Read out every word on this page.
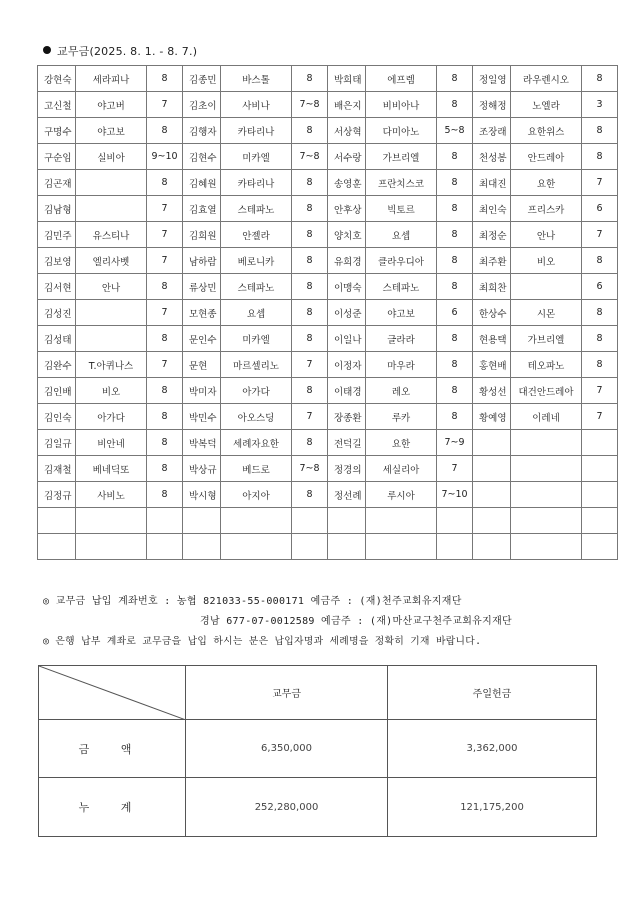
교무금(2025. 8. 1. - 8. 7.)
강현숙	세라피나	8	김종민	바스톨	8	박희태	에프렘	8	정일영	라우렌시오	8
고신철	야고버	7	김초이	사비나	7~8	배은지	비비아나	8	정해정	노엘라	3
구명수	야고보	8	김행자	카타리나	8	서상혁	다미아노	5~8	조장래	요한위스	8
구순임	실비아	9~10	김현수	미카엘	7~8	서수랑	가브리엘	8	천성봉	안드레아	8
김곤재		8	김혜원	카타리나	8	송영훈	프란치스코	8	최대진	요한	7
김남형		7	김효열	스테파노	8	안후상	빅토르	8	최인숙	프리스카	6
김민주	유스티나	7	김희원	안젤라	8	양치호	요셉	8	최정순	안나	7
김보영	엘리사벳	7	남하람	베로니카	8	유희경	클라우디아	8	최주환	비오	8
김서현	안나	8	류상민	스테파노	8	이맹숙	스테파노	8	최희찬		6
김성진		7	모현종	요셉	8	이성준	야고보	6	한상수	시몬	8
김성태		8	문인수	미카엘	8	이일나	글라라	8	현용택	가브리엘	8
김완수	T.아퀴나스	7	문현	마르셀리노	7	이정자	마우라	8	홍현배	테오파노	8
김인배	비오	8	박미자	아가다	8	이태경	레오	8	황성선	대건안드레아	7
김인숙	아가다	8	박민수	아오스딩	7	장종환	루카	8	황예영	이레네	7
김일규	비안네	8	박복덕	세례자요한	8	전덕길	요한	7~9			
김재철	베네딕또	8	박상규	베드로	7~8	정경의	세실리아	7			
김정규	사비노	8	박시형	아지아	8	정선례	루시아	7~10			

◎ 교무금 납입 계좌번호 : 농협 821033-55-000171 예금주 : (재)천주교회유지재단
경남 677-07-0012589 예금주 : (재)마산교구천주교회유지재단
◎ 은행 납부 계좌로 교무금을 납입 하시는 분은 납입자명과 세례명을 정확히 기재 바랍니다.
	교무금	주일헌금
금 액	6,350,000	3,362,000
누 계	252,280,000	121,175,200
